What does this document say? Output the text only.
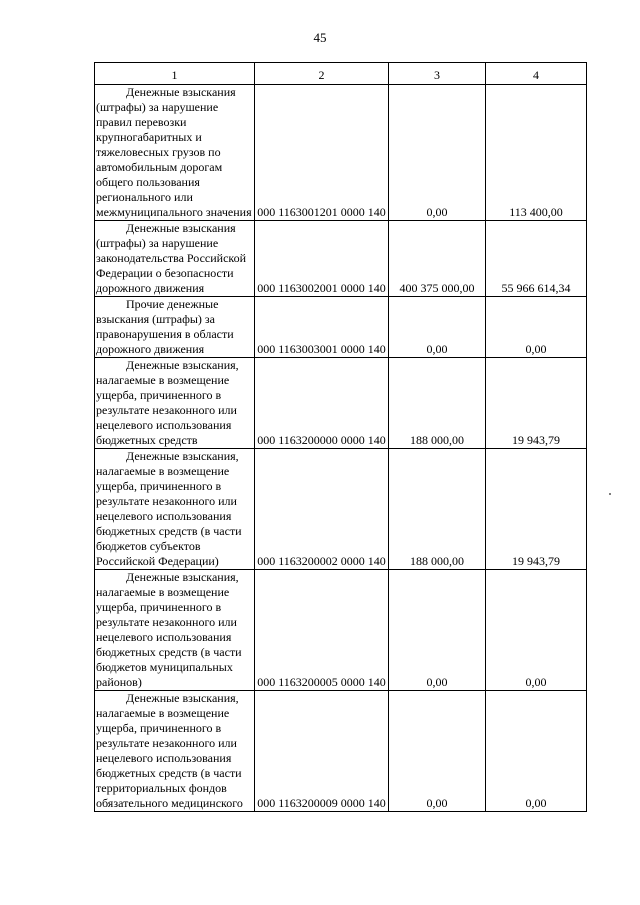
45
1	2	3	4
Денежные взыскания (штрафы) за нарушение правил перевозки крупногабаритных и тяжеловесных грузов по автомобильным дорогам общего пользования регионального или межмуниципального значения	000 1163001201 0000 140	0,00	113 400,00
Денежные взыскания (штрафы) за нарушение законодательства Российской Федерации о безопасности дорожного движения	000 1163002001 0000 140	400 375 000,00	55 966 614,34
Прочие денежные взыскания (штрафы) за правонарушения в области дорожного движения	000 1163003001 0000 140	0,00	0,00
Денежные взыскания, налагаемые в возмещение ущерба, причиненного в результате незаконного или нецелевого использования бюджетных средств	000 1163200000 0000 140	188 000,00	19 943,79
Денежные взыскания, налагаемые в возмещение ущерба, причиненного в результате незаконного или нецелевого использования бюджетных средств (в части бюджетов субъектов Российской Федерации)	000 1163200002 0000 140	188 000,00	19 943,79
Денежные взыскания, налагаемые в возмещение ущерба, причиненного в результате незаконного или нецелевого использования бюджетных средств (в части бюджетов муниципальных районов)	000 1163200005 0000 140	0,00	0,00
Денежные взыскания, налагаемые в возмещение ущерба, причиненного в результате незаконного или нецелевого использования бюджетных средств (в части территориальных фондов обязательного медицинского	000 1163200009 0000 140	0,00	0,00
